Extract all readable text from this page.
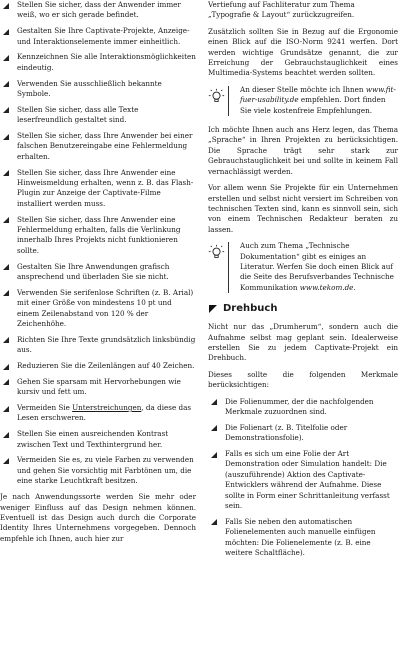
Stellen Sie sicher, dass der Anwender immer weiß, wo er sich gerade befindet.
Gestalten Sie Ihre Captivate-Projekte, Anzeige- und Interaktionselemente immer einheitlich.
Kennzeichnen Sie alle Interaktionsmöglichkeiten eindeutig.
Verwenden Sie ausschließlich bekannte Symbole.
Stellen Sie sicher, dass alle Texte leserfreundlich gestaltet sind.
Stellen Sie sicher, dass Ihre Anwender bei einer falschen Benutzereingabe eine Fehlermeldung erhalten.
Stellen Sie sicher, dass Ihre Anwender eine Hinweismeldung erhalten, wenn z. B. das Flash-Plugin zur Anzeige der Captivate-Filme installiert werden muss.
Stellen Sie sicher, dass Ihre Anwender eine Fehlermeldung erhalten, falls die Verlinkung innerhalb Ihres Projekts nicht funktionieren sollte.
Gestalten Sie Ihre Anwendungen grafisch ansprechend und überladen Sie sie nicht.
Verwenden Sie serifenlose Schriften (z. B. Arial) mit einer Größe von mindestens 10 pt und einem Zeilenabstand von 120 % der Zeichenhöhe.
Richten Sie Ihre Texte grundsätzlich linksbündig aus.
Reduzieren Sie die Zeilenlängen auf 40 Zeichen.
Gehen Sie sparsam mit Hervorhebungen wie kursiv und fett um.
Vermeiden Sie Unterstreichungen, da diese das Lesen erschweren.
Stellen Sie einen ausreichenden Kontrast zwischen Text und Texthintergrund her.
Vermeiden Sie es, zu viele Farben zu verwenden und gehen Sie vorsichtig mit Farbtönen um, die eine starke Leuchtkraft besitzen.
Je nach Anwendungssorte werden Sie mehr oder weniger Einfluss auf das Design nehmen können. Eventuell ist das Design auch durch die Corporate Identity Ihres Unternehmens vorgegeben. Dennoch empfehle ich Ihnen, auch hier zur
Vertiefung auf Fachliteratur zum Thema „Typografie & Layout“ zurückzugreifen.
Zusätzlich sollten Sie in Bezug auf die Ergonomie einen Blick auf die ISO-Norm 9241 werfen. Dort werden wichtige Grundsätze genannt, die zur Erreichung der Gebrauchstauglichkeit eines Multimedia-Systems beachtet werden sollten.
An dieser Stelle möchte ich Ihnen www.fit-fuer-usability.de empfehlen. Dort finden Sie viele kostenfreie Empfehlungen.
Ich möchte Ihnen auch ans Herz legen, das Thema „Sprache“ in Ihren Projekten zu berücksichtigen. Die Sprache trägt sehr stark zur Gebrauchstauglichkeit bei und sollte in keinem Fall vernachlässigt werden.
Vor allem wenn Sie Projekte für ein Unternehmen erstellen und selbst nicht versiert im Schreiben von technischen Texten sind, kann es sinnvoll sein, sich von einem Technischen Redakteur beraten zu lassen.
Auch zum Thema „Technische Dokumentation“ gibt es einiges an Literatur. Werfen Sie doch einen Blick auf die Seite des Berufsverbandes Technische Kommunikation www.tekom.de.
Drehbuch
Nicht nur das „Drumherum“, sondern auch die Aufnahme selbst mag geplant sein. Idealerweise erstellen Sie zu jedem Captivate-Projekt ein Drehbuch.
Dieses sollte die folgenden Merkmale berücksichtigen:
Die Folienummer, der die nachfolgenden Merkmale zuzuordnen sind.
Die Folienart (z. B. Titelfolie oder Demonstrationsfolie).
Falls es sich um eine Folie der Art Demonstration oder Simulation handelt: Die (auszuführende) Aktion des Captivate-Entwicklers während der Aufnahme. Diese sollte in Form einer Schrittanleitung verfasst sein.
Falls Sie neben den automatischen Folienelementen auch manuelle einfügen möchten: Die Folienelemente (z. B. eine weitere Schaltfläche).
